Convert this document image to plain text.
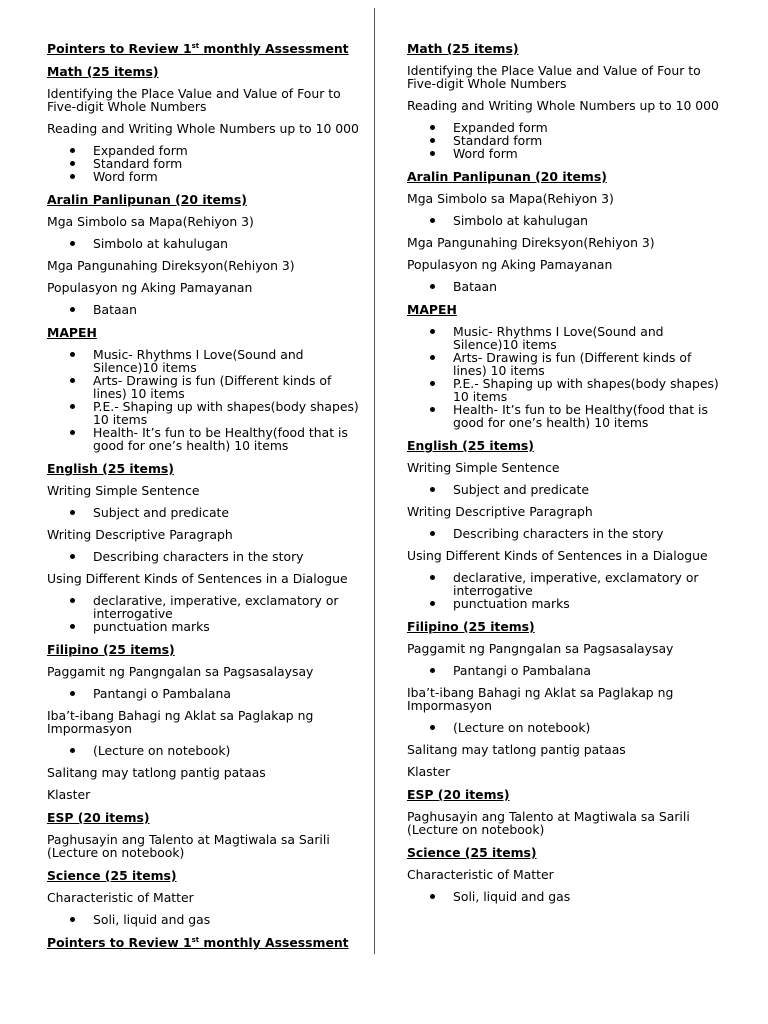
Pointers to Review 1st monthly Assessment
Math (25 items)
Identifying the Place Value and Value of Four to Five-digit Whole Numbers
Reading and Writing Whole Numbers up to 10 000
Expanded form
Standard form
Word form
Aralin Panlipunan (20 items)
Mga Simbolo sa Mapa(Rehiyon 3)
Simbolo at kahulugan
Mga Pangunahing Direksyon(Rehiyon 3)
Populasyon ng Aking Pamayanan
Bataan
MAPEH
Music- Rhythms I Love(Sound and Silence)10 items
Arts- Drawing is fun (Different kinds of lines) 10 items
P.E.- Shaping up with shapes(body shapes) 10 items
Health- It’s fun to be Healthy(food that is good for one’s health) 10 items
English (25 items)
Writing Simple Sentence
Subject and predicate
Writing Descriptive Paragraph
Describing characters in the story
Using Different Kinds of Sentences in a Dialogue
declarative, imperative, exclamatory or interrogative
punctuation marks
Filipino (25 items)
Paggamit ng Pangngalan sa Pagsasalaysay
Pantangi o Pambalana
Iba’t-ibang Bahagi ng Aklat sa Paglakap ng Impormasyon
(Lecture on notebook)
Salitang may tatlong pantig pataas
Klaster
ESP (20 items)
Paghusayin ang Talento at Magtiwala sa Sarili (Lecture on notebook)
Science (25 items)
Characteristic of Matter
Soli, liquid and gas
Pointers to Review 1st monthly Assessment
Math (25 items)
Identifying the Place Value and Value of Four to Five-digit Whole Numbers
Reading and Writing Whole Numbers up to 10 000
Expanded form
Standard form
Word form
Aralin Panlipunan (20 items)
Mga Simbolo sa Mapa(Rehiyon 3)
Simbolo at kahulugan
Mga Pangunahing Direksyon(Rehiyon 3)
Populasyon ng Aking Pamayanan
Bataan
MAPEH
Music- Rhythms I Love(Sound and Silence)10 items
Arts- Drawing is fun (Different kinds of lines) 10 items
P.E.- Shaping up with shapes(body shapes) 10 items
Health- It’s fun to be Healthy(food that is good for one’s health) 10 items
English (25 items)
Writing Simple Sentence
Subject and predicate
Writing Descriptive Paragraph
Describing characters in the story
Using Different Kinds of Sentences in a Dialogue
declarative, imperative, exclamatory or interrogative
punctuation marks
Filipino (25 items)
Paggamit ng Pangngalan sa Pagsasalaysay
Pantangi o Pambalana
Iba’t-ibang Bahagi ng Aklat sa Paglakap ng Impormasyon
(Lecture on notebook)
Salitang may tatlong pantig pataas
Klaster
ESP (20 items)
Paghusayin ang Talento at Magtiwala sa Sarili (Lecture on notebook)
Science (25 items)
Characteristic of Matter
Soli, liquid and gas
